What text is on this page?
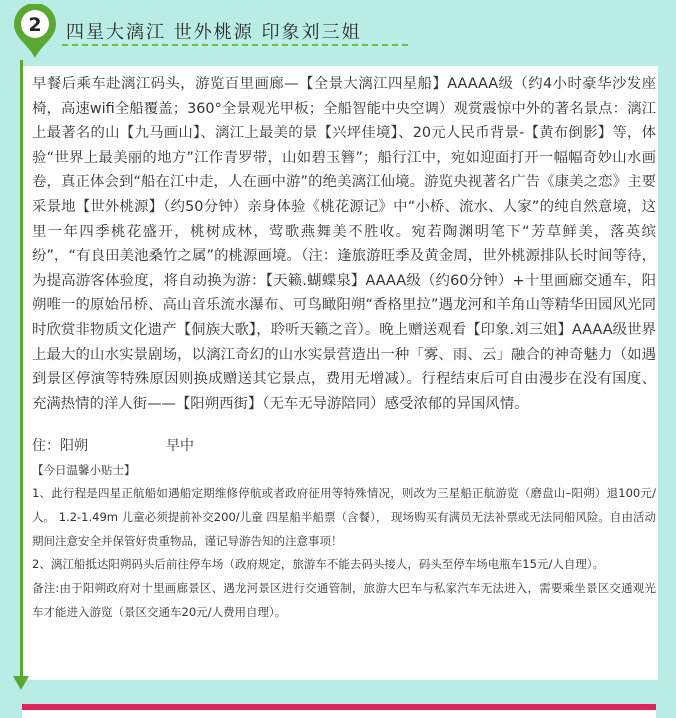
2 四星大漓江 世外桃源 印象刘三姐

早餐后乘车赴漓江码头，游览百里画廊—【全景大漓江四星船】AAAAA级（约4小时豪华沙发座椅，高速wifi全船覆盖；360°全景观光甲板；全船智能中央空调）观赏震惊中外的著名景点：漓江上最著名的山【九马画山】、漓江上最美的景【兴坪佳境】、20元人民币背景-【黄布倒影】等，体验“世界上最美丽的地方”江作青罗带，山如碧玉簪”；船行江中，宛如迎面打开一幅幅奇妙山水画卷，真正体会到“船在江中走，人在画中游”的绝美漓江仙境。游览央视著名广告《康美之恋》主要采景地【世外桃源】（约50分钟）亲身体验《桃花源记》中“小桥、流水、人家”的纯自然意境，这里一年四季桃花盛开，桃树成林，莺歌燕舞美不胜收。宛若陶渊明笔下“芳草鲜美，落英缤纷”，“有良田美池桑竹之属”的桃源画境。（注：逢旅游旺季及黄金周，世外桃源排队长时间等待，为提高游客体验度，将自动换为游：【天籁.蝴蝶泉】AAAA级（约60分钟）+十里画廊交通车，阳朔唯一的原始吊桥、高山音乐流水瀑布、可鸟瞰阳朔“香格里拉”遇龙河和羊角山等精华田园风光同时欣赏非物质文化遗产【侗族大歌】，聆听天籁之音）。晚上赠送观看【印象.刘三姐】AAAA级世界上最大的山水实景剧场，以漓江奇幻的山水实景营造出一种「雾、雨、云」融合的神奇魅力（如遇到景区停演等特殊原因则换成赠送其它景点，费用无增减）。行程结束后可自由漫步在没有国度、充满热情的洋人街——【阳朔西街】（无车无导游陪同）感受浓郁的异国风情。

住：阳朔	早中
【今日温馨小贴士】

1、此行程是四星正航船如遇船定期维修停航或者政府征用等特殊情况，则改为三星船正航游览（磨盘山–阳朔）退100元/人。 1.2-1.49m 儿童必须提前补交200/儿童 四星船半船票（含餐）， 现场购买有满员无法补票或无法同船风险。自由活动期间注意安全并保管好贵重物品，谨记导游告知的注意事项！

2、漓江船抵达阳朔码头后前往停车场（政府规定，旅游车不能去码头接人，码头至停车场电瓶车15元/人自理）。

备注:由于阳朔政府对十里画廊景区、遇龙河景区进行交通管制，旅游大巴车与私家汽车无法进入，需要乘坐景区交通观光车才能进入游览（景区交通车20元/人费用自理）。
